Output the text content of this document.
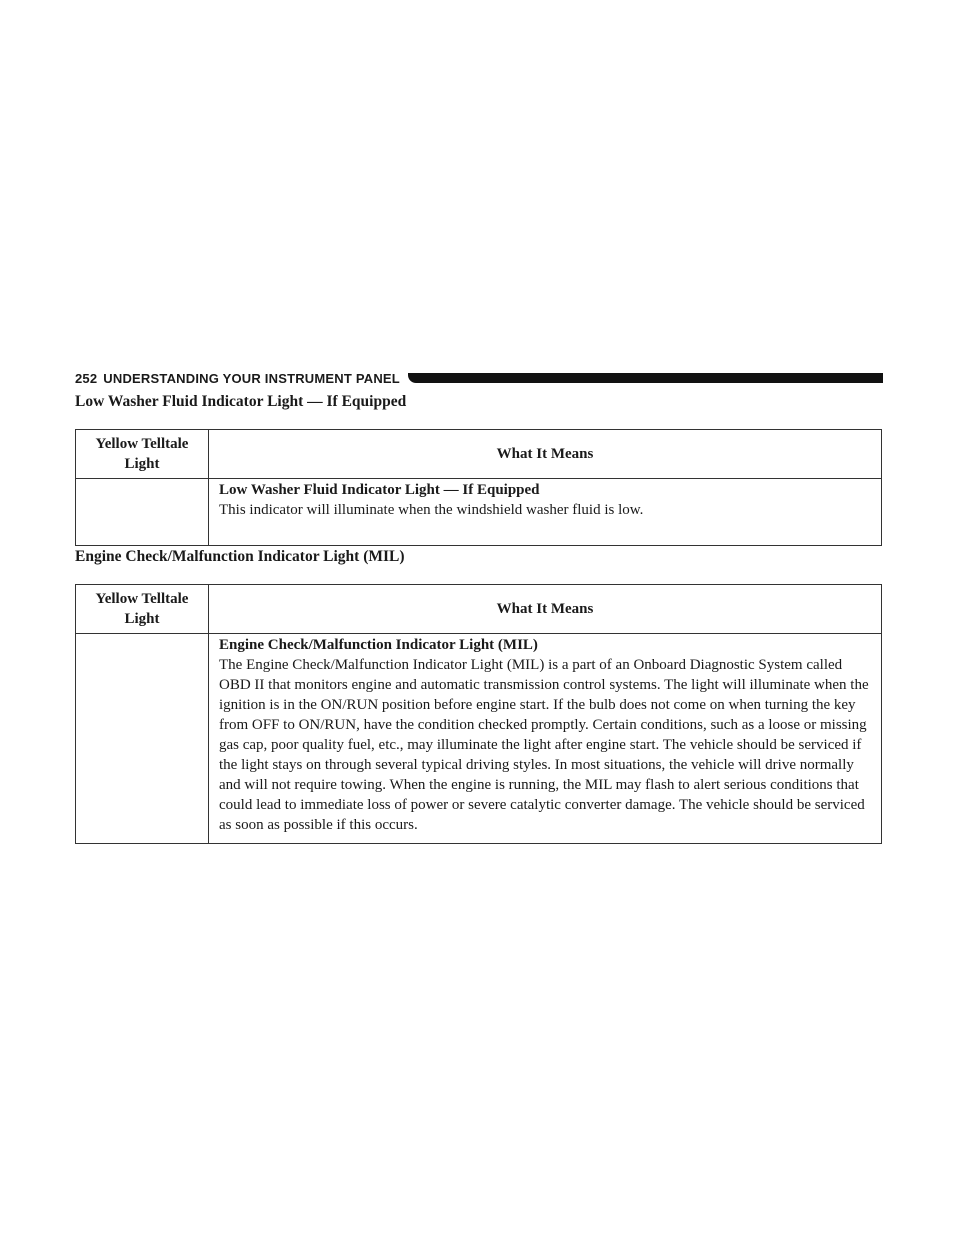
252 UNDERSTANDING YOUR INSTRUMENT PANEL
Low Washer Fluid Indicator Light — If Equipped
Yellow Telltale Light	What It Means

	Low Washer Fluid Indicator Light — If Equipped
This indicator will illuminate when the windshield washer fluid is low.
Engine Check/Malfunction Indicator Light (MIL)
Yellow Telltale Light	What It Means

	Engine Check/Malfunction Indicator Light (MIL)
The Engine Check/Malfunction Indicator Light (MIL) is a part of an Onboard Diagnostic System called OBD II that monitors engine and automatic transmission control systems. The light will illuminate when the ignition is in the ON/RUN position before engine start. If the bulb does not come on when turning the key from OFF to ON/RUN, have the condition checked promptly. Certain conditions, such as a loose or missing gas cap, poor quality fuel, etc., may illuminate the light after engine start. The vehicle should be serviced if the light stays on through several typical driving styles. In most situations, the vehicle will drive normally and will not require towing. When the engine is running, the MIL may flash to alert serious conditions that could lead to immediate loss of power or severe catalytic converter damage. The vehicle should be serviced as soon as possible if this occurs.
